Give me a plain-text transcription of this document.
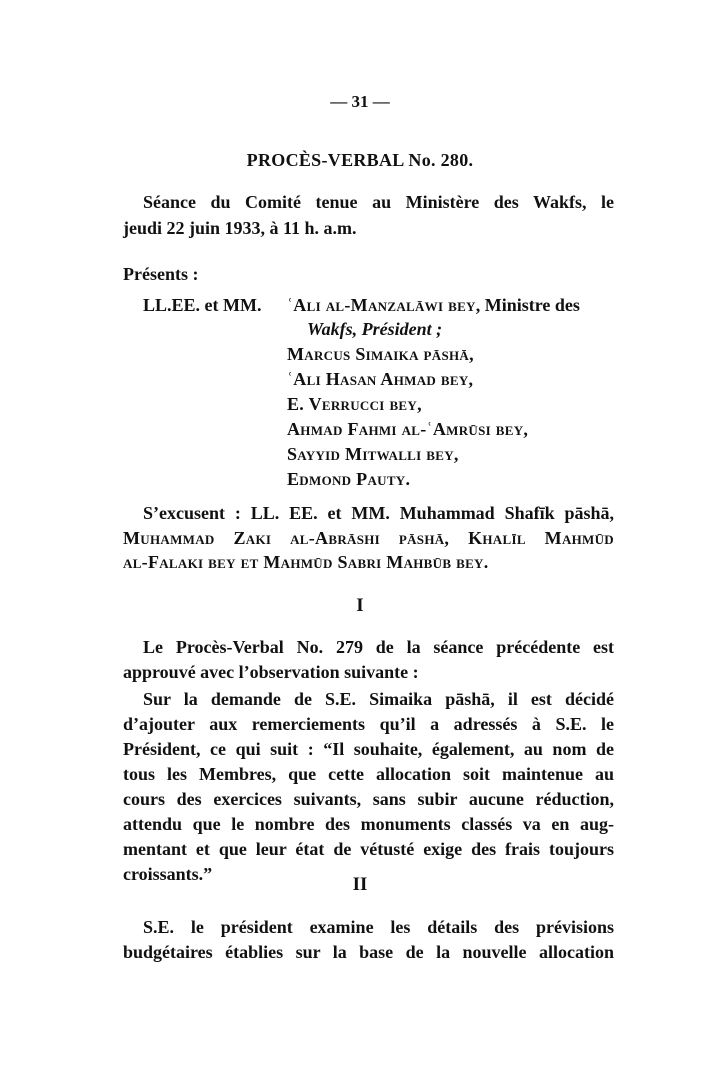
— 31 —
PROCÈS-VERBAL No. 280.
Séance du Comité tenue au Ministère des Wakfs, le
jeudi 22 juin 1933, à 11 h. a.m.
Présents :
LL.EE. et MM. ʿAli al-Manzalāwi bey, Ministre des
Wakfs, Président ;
Marcus Simaika pāshā,
ʿAli Hasan Ahmad bey,
E. Verrucci bey,
Ahmad Fahmi al-ʿAmrūsi bey,
Sayyid Mitwalli bey,
Edmond Pauty.
S’excusent : LL. EE. et MM. Muhammad Shafīk pāshā,
Muhammad Zaki al-Abrāshi pāshā, Khalīl Mahmūd
al-Falaki bey et Mahmūd Sabri Mahbūb bey.
I
Le Procès-Verbal No. 279 de la séance précédente est
approuvé avec l’observation suivante :
Sur la demande de S.E. Simaika pāshā, il est décidé
d’ajouter aux remerciements qu’il a adressés à S.E. le
Président, ce qui suit : “Il souhaite, également, au nom de
tous les Membres, que cette allocation soit maintenue au
cours des exercices suivants, sans subir aucune réduction,
attendu que le nombre des monuments classés va en aug-
mentant et que leur état de vétusté exige des frais toujours
croissants.”	II
S.E. le président examine les détails des prévisions
budgétaires établies sur la base de la nouvelle allocation
